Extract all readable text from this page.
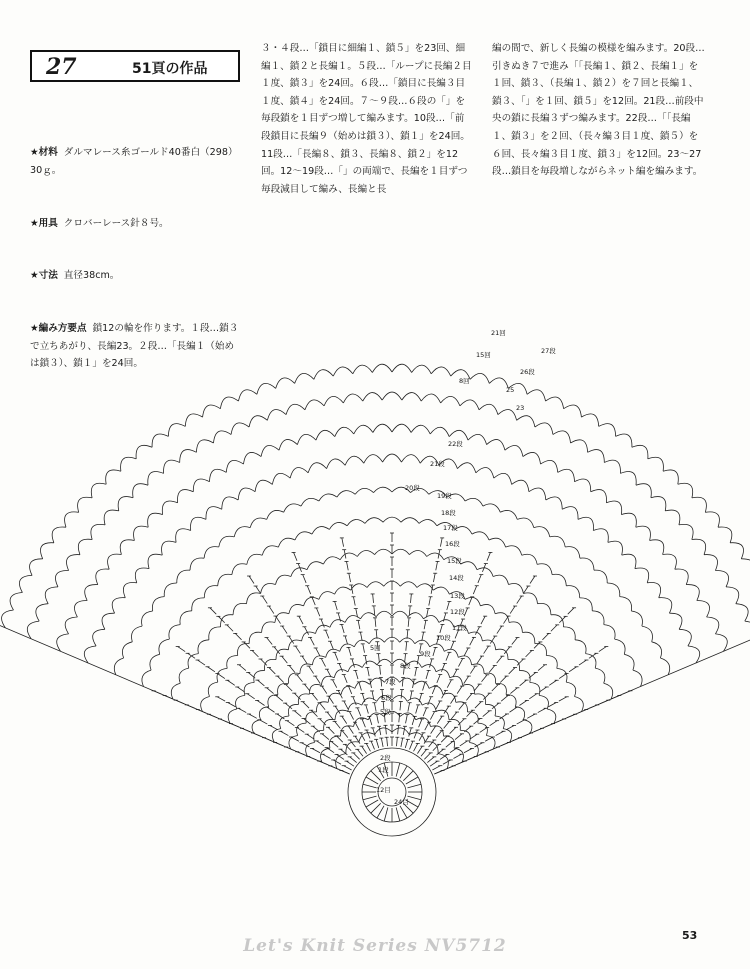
27	51頁の作品

★材料 ダルマレース糸ゴールド40番白（298）30ｇ。

★用具 クロバーレース針８号。

★寸法 直径38cm。

★編み方要点 鎖12の輪を作ります。１段…鎖３で立ちあがり、長編23。２段…「長編１（始めは鎖３）、鎖１」を24回。

３・４段…「鎖目に細編１、鎖５」を23回、細編１、鎖２と長編１。５段…「ループに長編２目１度、鎖３」を24回。６段…「鎖目に長編３目１度、鎖４」を24回。７～９段…６段の「」を毎段鎖を１目ずつ増して編みます。10段…「前段鎖目に長編９（始めは鎖３）、鎖１」を24回。11段…「長編８、鎖３、長編８、鎖２」を12回。12～19段…「」の両端で、長編を１目ずつ毎段減目して編み、長編と長
編の間で、新しく長編の模様を編みます。20段…引きぬき７で進み「「長編１、鎖２、長編１」を１回、鎖３、（長編１、鎖２）を７回と長編１、鎖３、「」を１回、鎖５」を12回。21段…前段中央の鎖に長編３ずつ編みます。22段…「「長編１、鎖３」を２回、（長々編３目１度、鎖５）を６回、長々編３目１度、鎖３」を12回。23～27段…鎖目を毎段増しながらネット編を編みます。
12目
1段
2段
24目
5段
6段
7段
8段
9段
10段
11段
12段
13段
14段
15段
16段
17段
18段
19段
20段
21段
22段
23
25
26段
27段
5回
8回
15回
21回
Let's Knit Series NV5712
53
